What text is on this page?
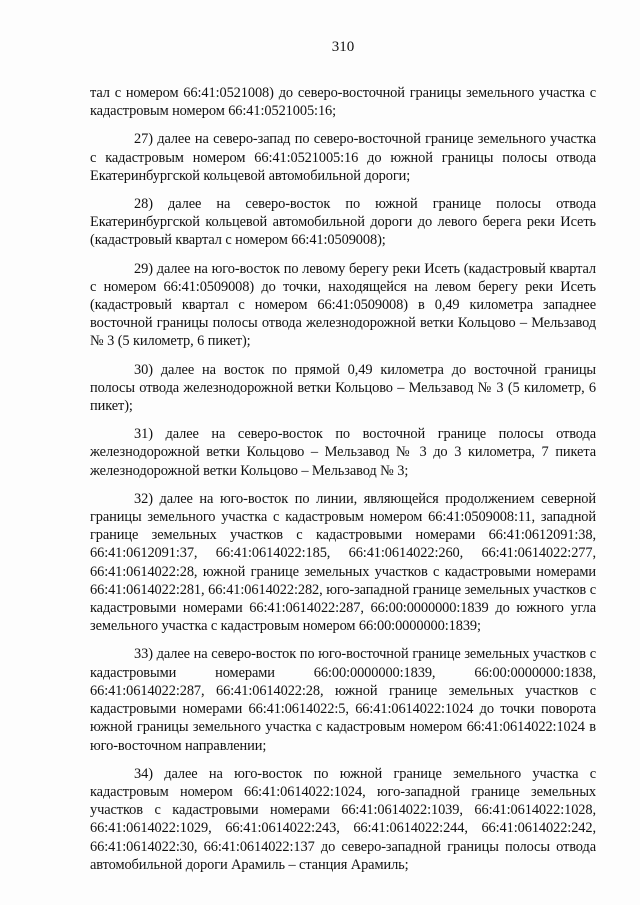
310

тал с номером 66:41:0521008) до северо-восточной границы земельного участка с кадастровым номером 66:41:0521005:16;

27) далее на северо-запад по северо-восточной границе земельного участка с кадастровым номером 66:41:0521005:16 до южной границы полосы отвода Екатеринбургской кольцевой автомобильной дороги;

28) далее на северо-восток по южной границе полосы отвода Екатеринбургской кольцевой автомобильной дороги до левого берега реки Исеть (кадастровый квартал с номером 66:41:0509008);

29) далее на юго-восток по левому берегу реки Исеть (кадастровый квартал с номером 66:41:0509008) до точки, находящейся на левом берегу реки Исеть (кадастровый квартал с номером 66:41:0509008) в 0,49 километра западнее восточной границы полосы отвода железнодорожной ветки Кольцово – Мельзавод № 3 (5 километр, 6 пикет);

30) далее на восток по прямой 0,49 километра до восточной границы полосы отвода железнодорожной ветки Кольцово – Мельзавод № 3 (5 километр, 6 пикет);

31) далее на северо-восток по восточной границе полосы отвода железнодорожной ветки Кольцово – Мельзавод № 3 до 3 километра, 7 пикета железнодорожной ветки Кольцово – Мельзавод № 3;

32) далее на юго-восток по линии, являющейся продолжением северной границы земельного участка с кадастровым номером 66:41:0509008:11, западной границе земельных участков с кадастровыми номерами 66:41:0612091:38, 66:41:0612091:37, 66:41:0614022:185, 66:41:0614022:260, 66:41:0614022:277, 66:41:0614022:28, южной границе земельных участков с кадастровыми номерами 66:41:0614022:281, 66:41:0614022:282, юго-западной границе земельных участков с кадастровыми номерами 66:41:0614022:287, 66:00:0000000:1839 до южного угла земельного участка с кадастровым номером 66:00:0000000:1839;

33) далее на северо-восток по юго-восточной границе земельных участков с кадастровыми номерами 66:00:0000000:1839, 66:00:0000000:1838, 66:41:0614022:287, 66:41:0614022:28, южной границе земельных участков с кадастровыми номерами 66:41:0614022:5, 66:41:0614022:1024 до точки поворота южной границы земельного участка с кадастровым номером 66:41:0614022:1024 в юго-восточном направлении;

34) далее на юго-восток по южной границе земельного участка с кадастровым номером 66:41:0614022:1024, юго-западной границе земельных участков с кадастровыми номерами 66:41:0614022:1039, 66:41:0614022:1028, 66:41:0614022:1029, 66:41:0614022:243, 66:41:0614022:244, 66:41:0614022:242, 66:41:0614022:30, 66:41:0614022:137 до северо-западной границы полосы отвода автомобильной дороги Арамиль – станция Арамиль;
